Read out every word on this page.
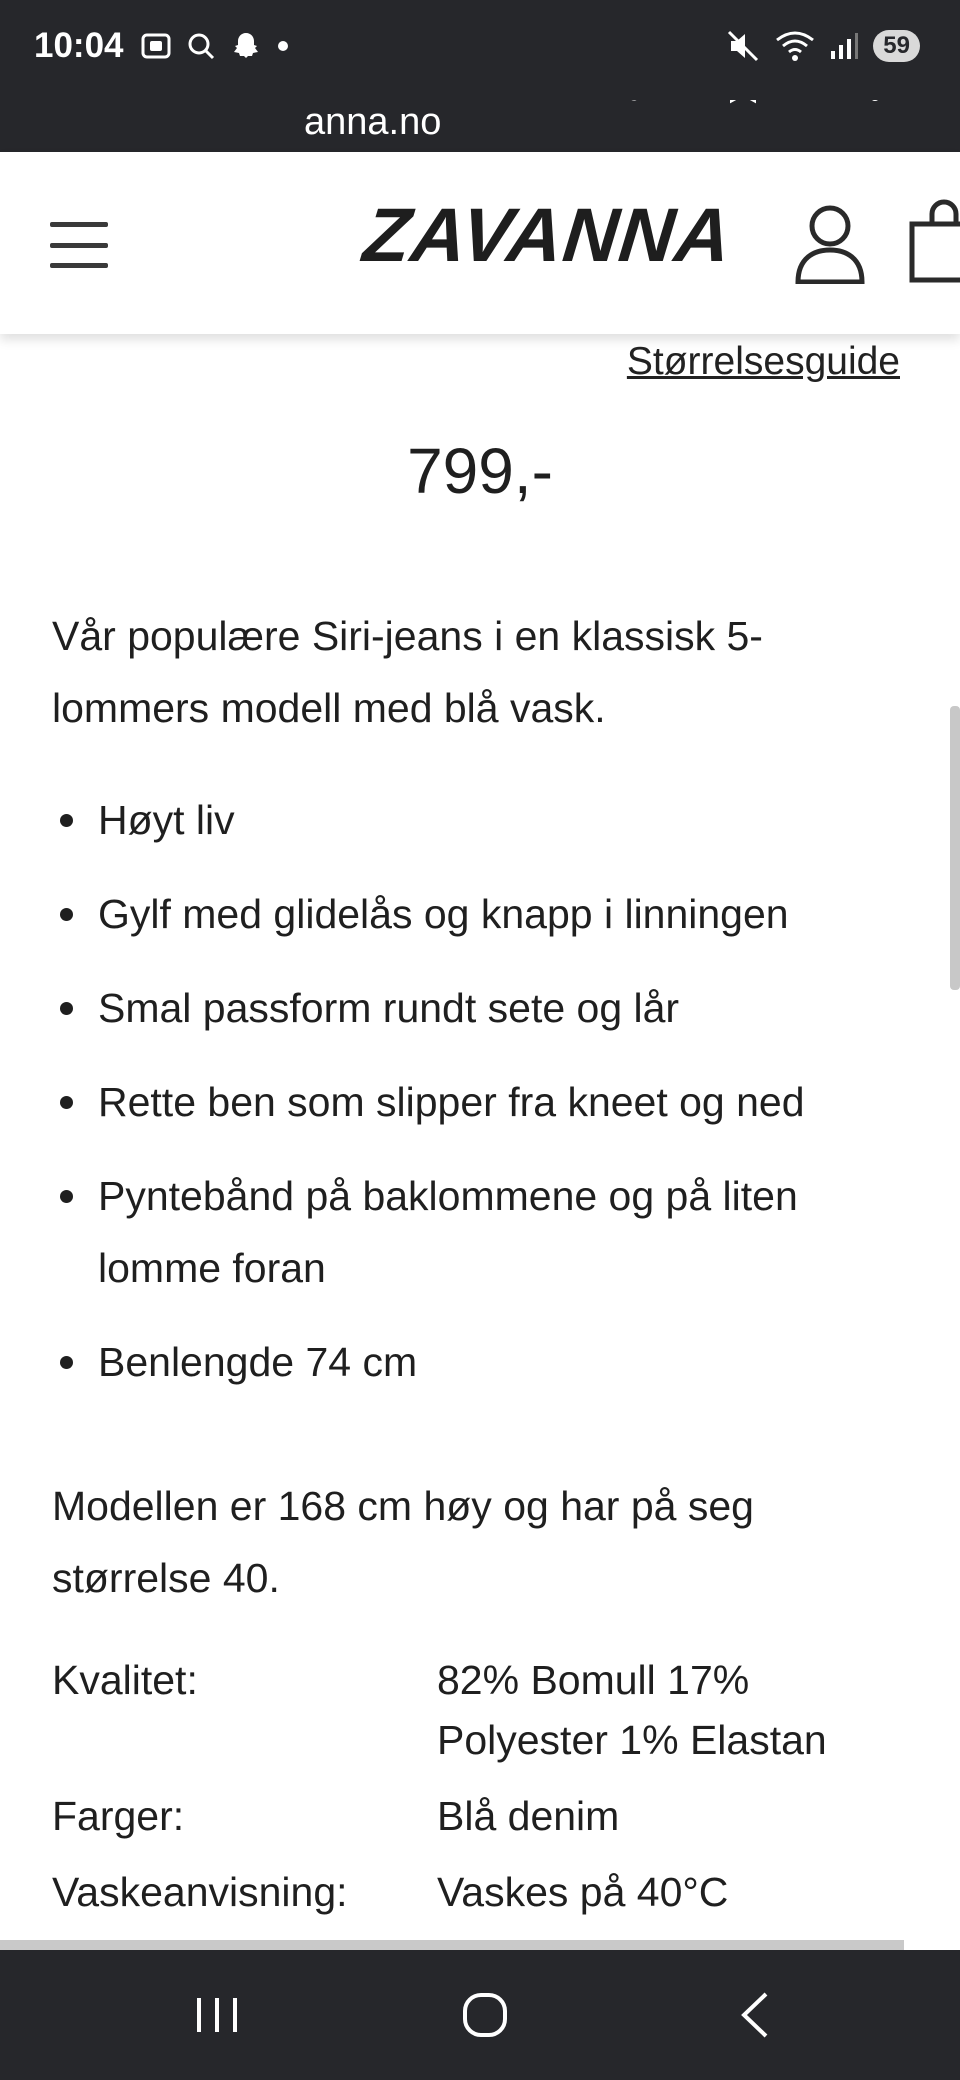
10:04	59
anna.no
ZAVANNA
Størrelsesguide
799,-

Vår populære Siri-jeans i en klassisk 5-lommers modell med blå vask.

Høyt liv
Gylf med glidelås og knapp i linningen
Smal passform rundt sete og lår
Rette ben som slipper fra kneet og ned
Pyntebånd på baklommene og på liten lomme foran
Benlengde 74 cm

Modellen er 168 cm høy og har på seg størrelse 40.

Kvalitet:	82% Bomull 17% Polyester 1% Elastan
Farger:	Blå denim
Vaskeanvisning:	Vaskes på 40°C
